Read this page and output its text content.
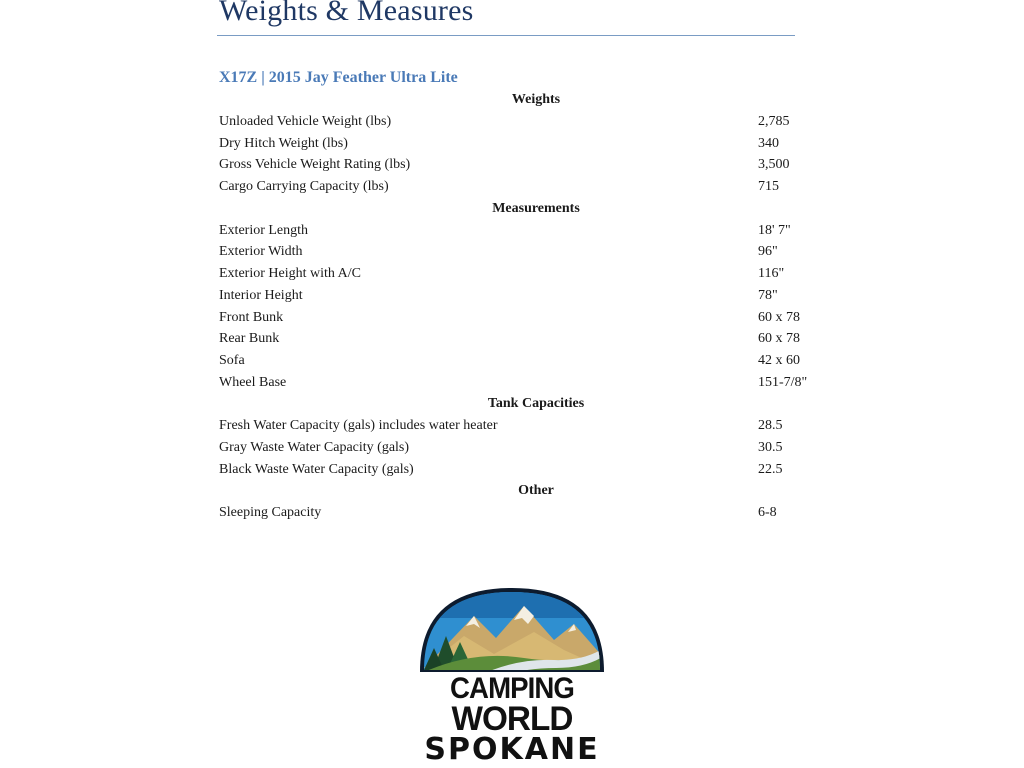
Weights & Measures
X17Z | 2015 Jay Feather Ultra Lite
Weights
Unloaded Vehicle Weight (lbs)	2,785
Dry Hitch Weight (lbs)	340
Gross Vehicle Weight Rating (lbs)	3,500
Cargo Carrying Capacity (lbs)	715
Measurements
Exterior Length	18' 7"
Exterior Width	96"
Exterior Height with A/C	116"
Interior Height	78"
Front Bunk	60 x 78
Rear Bunk	60 x 78
Sofa	42 x 60
Wheel Base	151-7/8"
Tank Capacities
Fresh Water Capacity (gals) includes water heater	28.5
Gray Waste Water Capacity (gals)	30.5
Black Waste Water Capacity (gals)	22.5
Other
Sleeping Capacity	6-8
CAMPING
WORLD
SPOKANE
